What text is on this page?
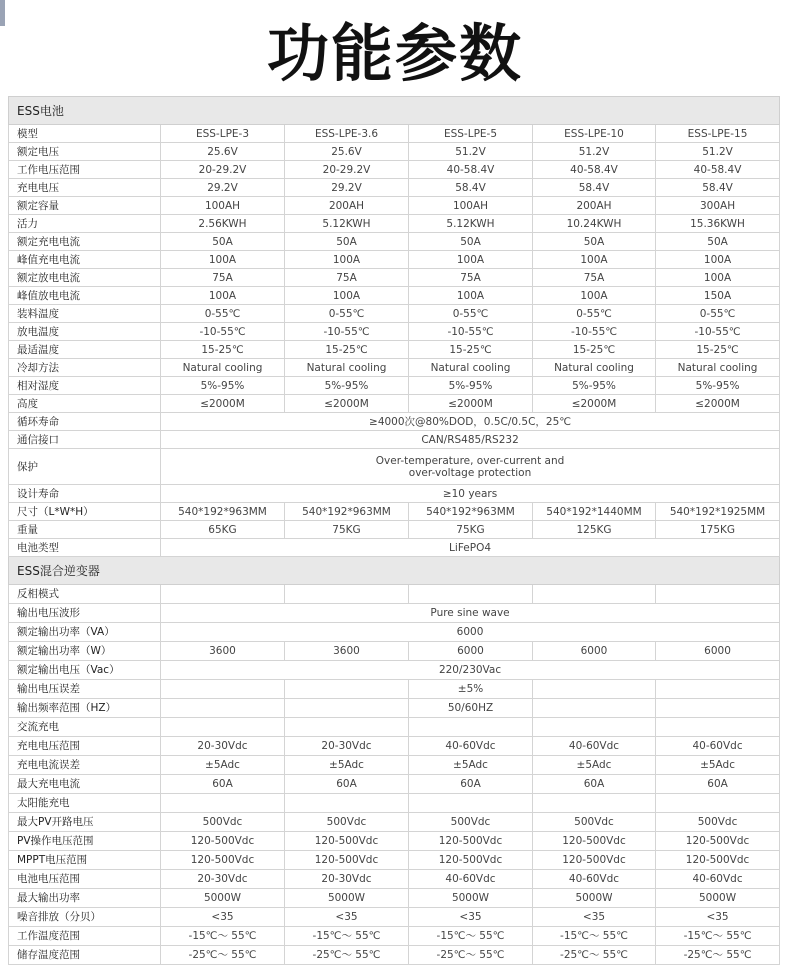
功能参数
ESS电池					
模型	ESS-LPE-3	ESS-LPE-3.6	ESS-LPE-5	ESS-LPE-10	ESS-LPE-15
额定电压	25.6V	25.6V	51.2V	51.2V	51.2V
工作电压范围	20-29.2V	20-29.2V	40-58.4V	40-58.4V	40-58.4V
充电电压	29.2V	29.2V	58.4V	58.4V	58.4V
额定容量	100AH	200AH	100AH	200AH	300AH
活力	2.56KWH	5.12KWH	5.12KWH	10.24KWH	15.36KWH
额定充电电流	50A	50A	50A	50A	50A
峰值充电电流	100A	100A	100A	100A	100A
额定放电电流	75A	75A	75A	75A	100A
峰值放电电流	100A	100A	100A	100A	150A
装料温度	0-55℃	0-55℃	0-55℃	0-55℃	0-55℃
放电温度	-10-55℃	-10-55℃	-10-55℃	-10-55℃	-10-55℃
最适温度	15-25℃	15-25℃	15-25℃	15-25℃	15-25℃
冷却方法	Natural cooling	Natural cooling	Natural cooling	Natural cooling	Natural cooling
相对湿度	5%-95%	5%-95%	5%-95%	5%-95%	5%-95%
高度	≤2000M	≤2000M	≤2000M	≤2000M	≤2000M
循环寿命	≥4000次@80%DOD，0.5C/0.5C，25℃				
通信接口	CAN/RS485/RS232				
保护	Over-temperature, over-current and
over-voltage protection				

设计寿命	≥10 years				
尺寸（L*W*H）	540*192*963MM	540*192*963MM	540*192*963MM	540*192*1440MM	540*192*1925MM
重量	65KG	75KG	75KG	125KG	175KG
电池类型	LiFePO4				
ESS混合逆变器					
反相模式					
输出电压波形	Pure sine wave				
额定输出功率（VA）	6000				
额定输出功率（W）	3600	3600	6000	6000	6000
额定输出电压（Vac）	220/230Vac				
输出电压误差			±5%		
输出频率范围（HZ）			50/60HZ		
交流充电					
充电电压范围	20-30Vdc	20-30Vdc	40-60Vdc	40-60Vdc	40-60Vdc
充电电流误差	±5Adc	±5Adc	±5Adc	±5Adc	±5Adc
最大充电电流	60A	60A	60A	60A	60A
太阳能充电					
最大PV开路电压	500Vdc	500Vdc	500Vdc	500Vdc	500Vdc
PV操作电压范围	120-500Vdc	120-500Vdc	120-500Vdc	120-500Vdc	120-500Vdc
MPPT电压范围	120-500Vdc	120-500Vdc	120-500Vdc	120-500Vdc	120-500Vdc
电池电压范围	20-30Vdc	20-30Vdc	40-60Vdc	40-60Vdc	40-60Vdc
最大输出功率	5000W	5000W	5000W	5000W	5000W
噪音排放（分贝）	<35	<35	<35	<35	<35
工作温度范围	-15℃～ 55℃	-15℃～ 55℃	-15℃～ 55℃	-15℃～ 55℃	-15℃～ 55℃
储存温度范围	-25℃～ 55℃	-25℃～ 55℃	-25℃～ 55℃	-25℃～ 55℃	-25℃～ 55℃
